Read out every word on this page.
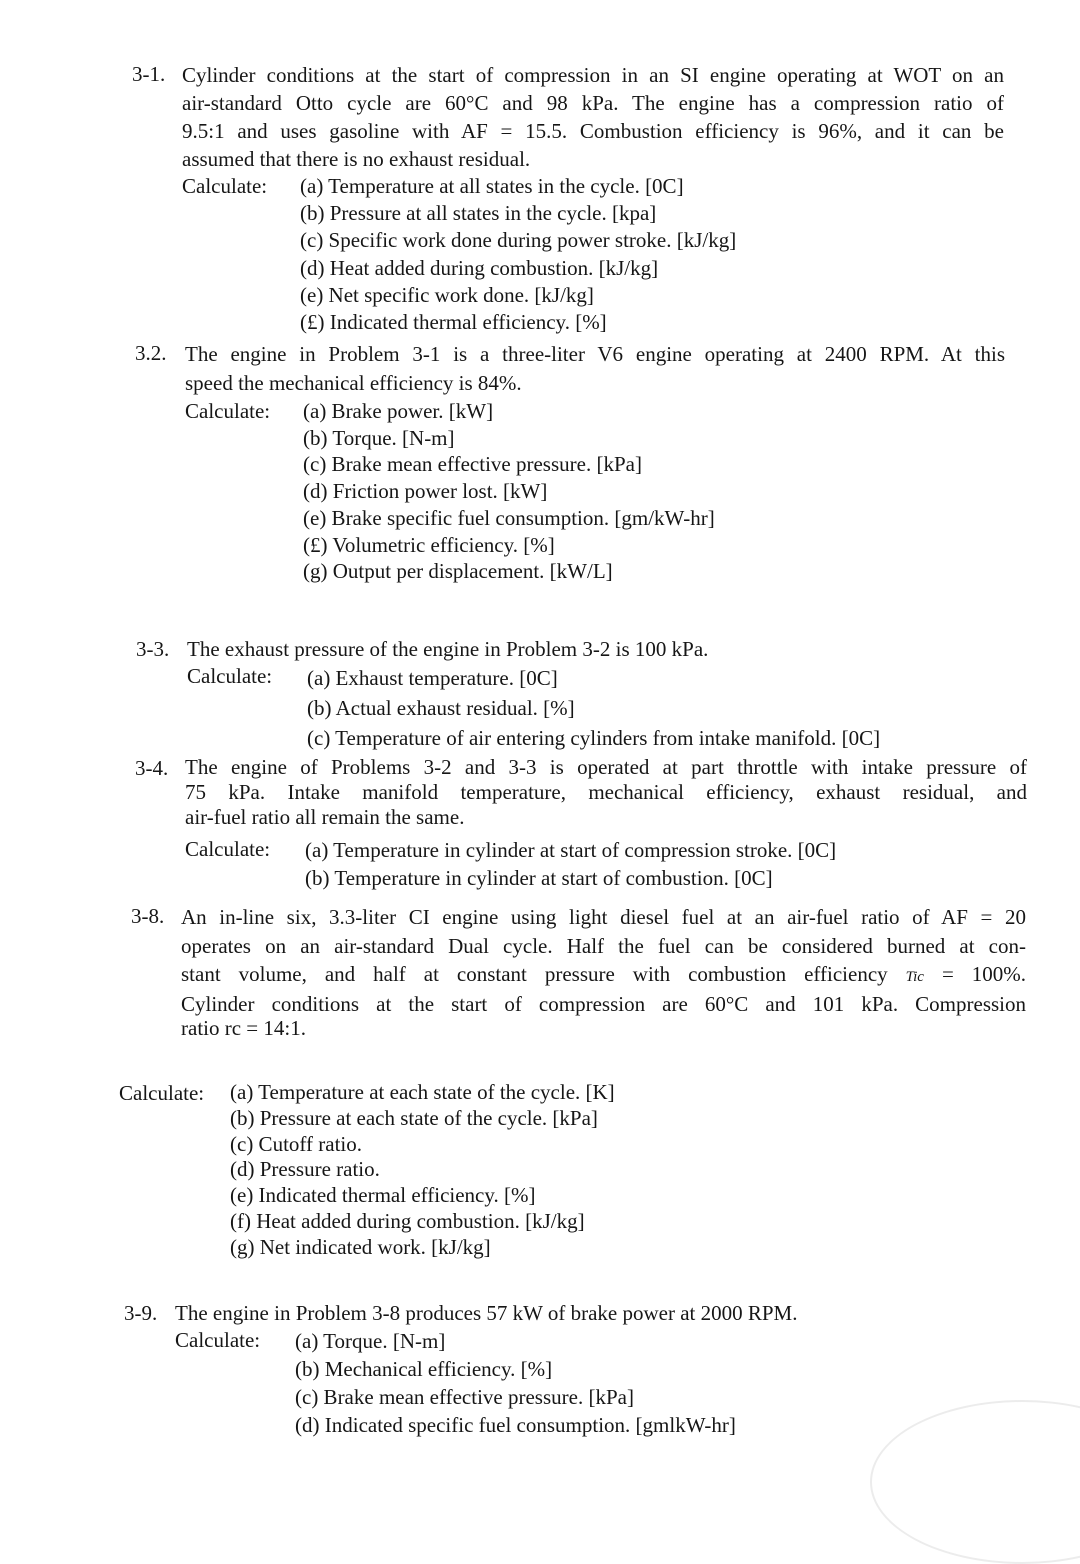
3-1. Cylinder conditions at the start of compression in an SI engine operating at WOT on an

air-standard Otto cycle are 60°C and 98 kPa. The engine has a compression ratio of

9.5:1 and uses gasoline with AF = 15.5. Combustion efficiency is 96%, and it can be

assumed that there is no exhaust residual.

Calculate: (a) Temperature at all states in the cycle. [0C]
(b) Pressure at all states in the cycle. [kpa]
(c) Specific work done during power stroke. [kJ/kg]
(d) Heat added during combustion. [kJ/kg]
(e) Net specific work done. [kJ/kg]
(£) Indicated thermal efficiency. [%]
3.2. The engine in Problem 3-1 is a three-liter V6 engine operating at 2400 RPM. At this

speed the mechanical efficiency is 84%.

Calculate: (a) Brake power. [kW]
(b) Torque. [N-m]
(c) Brake mean effective pressure. [kPa]
(d) Friction power lost. [kW]
(e) Brake specific fuel consumption. [gm/kW-hr]
(£) Volumetric efficiency. [%]
(g) Output per displacement. [kW/L]
3-3. The exhaust pressure of the engine in Problem 3-2 is 100 kPa.

Calculate: (a) Exhaust temperature. [0C]
(b) Actual exhaust residual. [%]
(c) Temperature of air entering cylinders from intake manifold. [0C]
3-4. The engine of Problems 3-2 and 3-3 is operated at part throttle with intake pressure of

75 kPa. Intake manifold temperature, mechanical efficiency, exhaust residual, and

air-fuel ratio all remain the same.

Calculate: (a) Temperature in cylinder at start of compression stroke. [0C]
(b) Temperature in cylinder at start of combustion. [0C]
3-8. An in-line six, 3.3-liter CI engine using light diesel fuel at an air-fuel ratio of AF = 20

operates on an air-standard Dual cycle. Half the fuel can be considered burned at con-

stant volume, and half at constant pressure with combustion efficiency Tic = 100%.

Cylinder conditions at the start of compression are 60°C and 101 kPa. Compression

ratio rc = 14:1.

Calculate: (a) Temperature at each state of the cycle. [K]
(b) Pressure at each state of the cycle. [kPa]
(c) Cutoff ratio.
(d) Pressure ratio.
(e) Indicated thermal efficiency. [%]
(f) Heat added during combustion. [kJ/kg]
(g) Net indicated work. [kJ/kg]
3-9. The engine in Problem 3-8 produces 57 kW of brake power at 2000 RPM.

Calculate: (a) Torque. [N-m]
(b) Mechanical efficiency. [%]
(c) Brake mean effective pressure. [kPa]
(d) Indicated specific fuel consumption. [gmlkW-hr]
